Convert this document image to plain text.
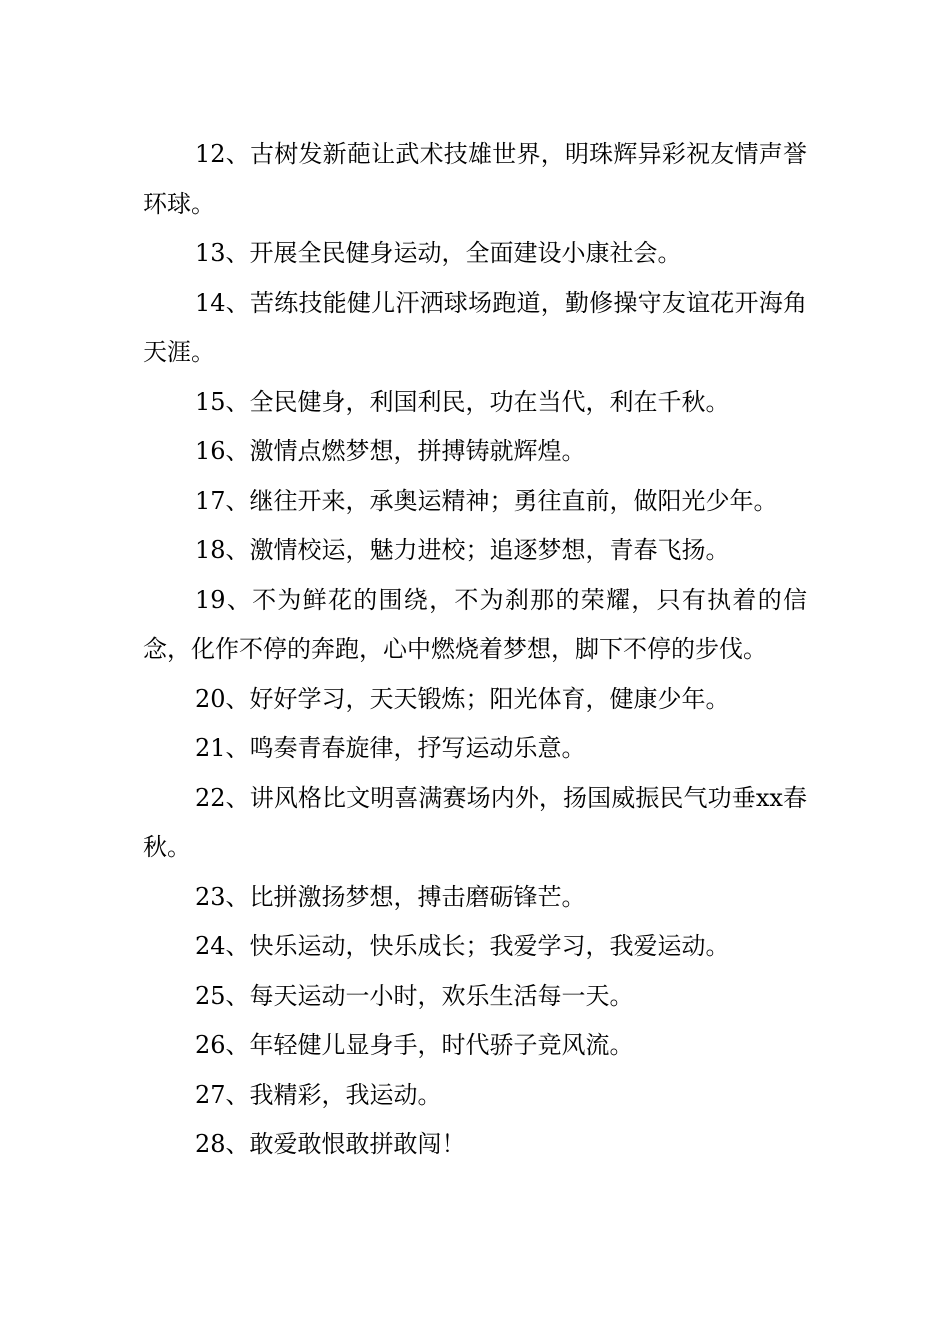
12、古树发新葩让武术技雄世界，明珠辉异彩祝友情声誉环球。

13、开展全民健身运动，全面建设小康社会。

14、苦练技能健儿汗洒球场跑道，勤修操守友谊花开海角天涯。

15、全民健身，利国利民，功在当代，利在千秋。

16、激情点燃梦想，拼搏铸就辉煌。

17、继往开来，承奥运精神；勇往直前，做阳光少年。

18、激情校运，魅力进校；追逐梦想，青春飞扬。

19、不为鲜花的围绕，不为刹那的荣耀，只有执着的信念，化作不停的奔跑，心中燃烧着梦想，脚下不停的步伐。

20、好好学习，天天锻炼；阳光体育，健康少年。

21、鸣奏青春旋律，抒写运动乐意。

22、讲风格比文明喜满赛场内外，扬国威振民气功垂xx春秋。

23、比拼激扬梦想，搏击磨砺锋芒。

24、快乐运动，快乐成长；我爱学习，我爱运动。

25、每天运动一小时，欢乐生活每一天。

26、年轻健儿显身手，时代骄子竞风流。

27、我精彩，我运动。

28、敢爱敢恨敢拼敢闯！
